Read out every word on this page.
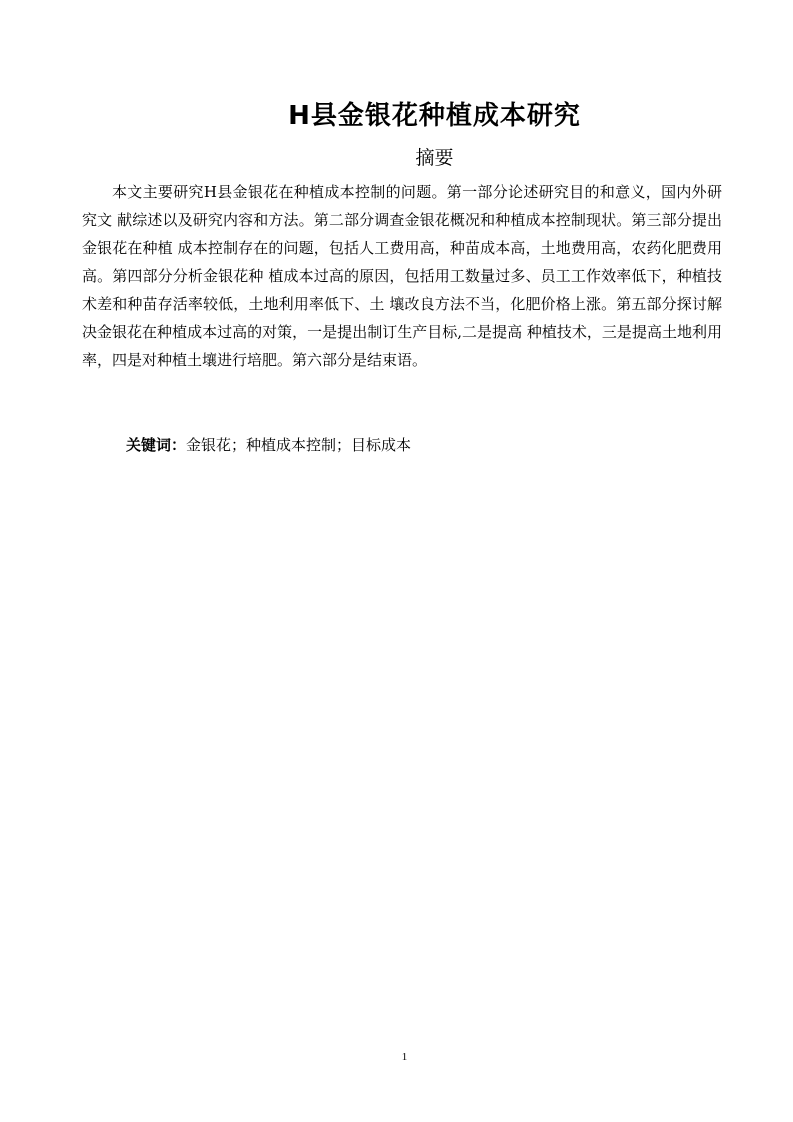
H县金银花种植成本研究
摘要

本文主要研究H县金银花在种植成本控制的问题。第一部分论述研究目的和意义，国内外研究文 献综述以及研究内容和方法。第二部分调查金银花概况和种植成本控制现状。第三部分提出金银花在种植 成本控制存在的问题，包括人工费用高，种苗成本高，土地费用高，农药化肥费用高。第四部分分析金银花种 植成本过高的原因，包括用工数量过多、员工工作效率低下，种植技术差和种苗存活率较低，土地利用率低下、土 壤改良方法不当，化肥价格上涨。第五部分探讨解决金银花在种植成本过高的对策，一是提出制订生产目标,二是提高 种植技术，三是提高土地利用率，四是对种植土壤进行培肥。第六部分是结束语。

关键词：金银花；种植成本控制；目标成本

1
